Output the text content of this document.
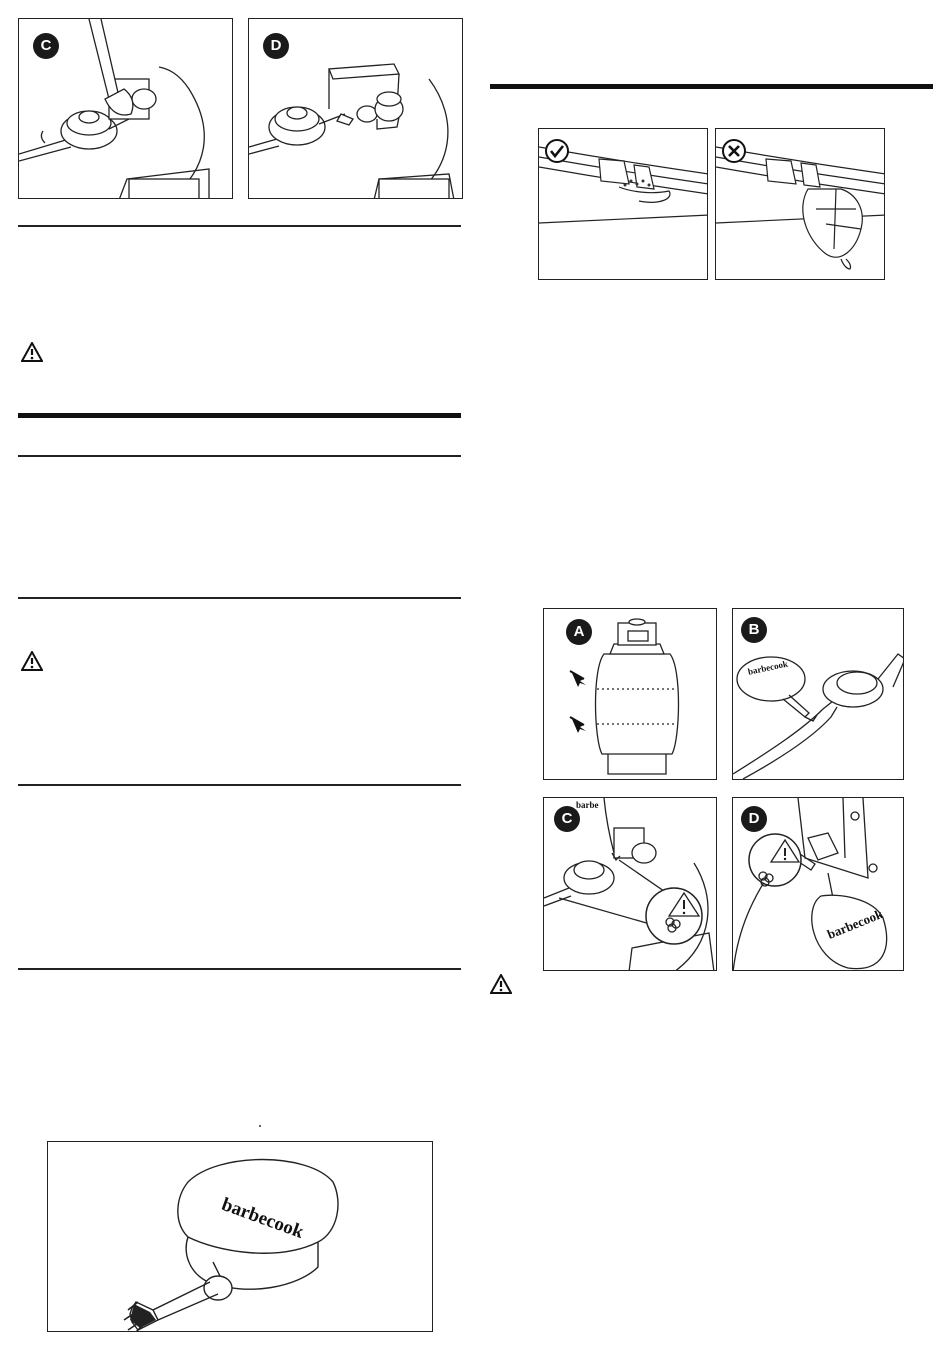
C	D
barbecook
A
barbecook
B
barbe
C
barbecook
D
